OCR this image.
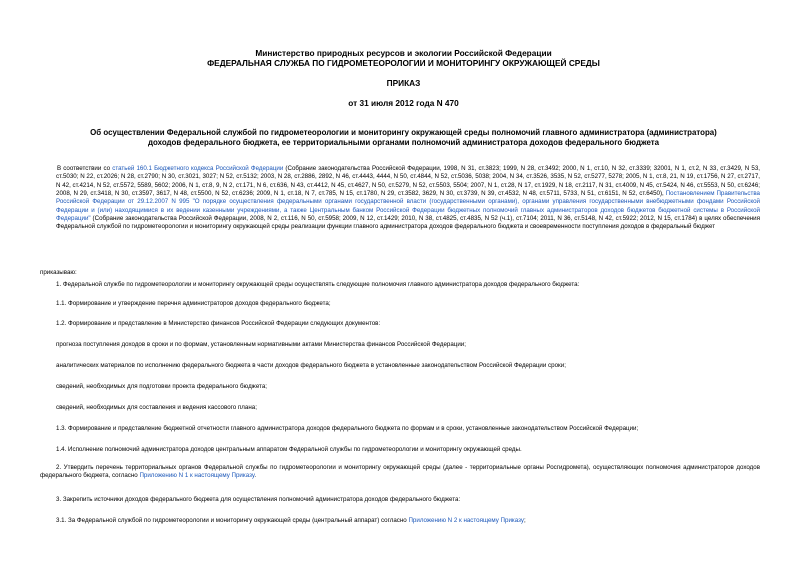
Министерство природных ресурсов и экологии Российской Федерации
ФЕДЕРАЛЬНАЯ СЛУЖБА ПО ГИДРОМЕТЕОРОЛОГИИ И МОНИТОРИНГУ ОКРУЖАЮЩЕЙ СРЕДЫ
ПРИКАЗ
от 31 июля 2012 года N 470
Об осуществлении Федеральной службой по гидрометеорологии и мониторингу окружающей среды полномочий главного администратора (администратора)
доходов федерального бюджета, ее территориальными органами полномочий администратора доходов федерального бюджета
В соответствии со статьей 160.1 Бюджетного кодекса Российской Федерации (Собрание законодательства Российской Федерации, 1998, N 31, ст.3823; 1999, N 28, ст.3492; 2000, N 1, ст.10, N 32, ст.3339; 32001, N 1, ст.2, N 33, ст.3429, N 53, ст.5030; N 22, ст.2026; N 28, ст.2790; N 30, ст.3021, 3027; N 52, ст.5132; 2003, N 28, ст.2886, 2892, N 46, ст.4443, 4444, N 50, ст.4844, N 52, ст.5036, 5038; 2004, N 34, ст.3526, 3535, N 52, ст.5277, 5278; 2005, N 1, ст.8, 21, N 19, ст.1756, N 27, ст.2717, N 42, ст.4214, N 52, ст.5572, 5589, 5602; 2006, N 1, ст.8, 9, N 2, ст.171, N 6, ст.636, N 43, ст.4412, N 45, ст.4627, N 50, ст.5279, N 52, ст.5503, 5504; 2007, N 1, ст.28, N 17, ст.1929, N 18, ст.2117, N 31, ст.4009, N 45, ст.5424, N 46, ст.5553, N 50, ст.6246; 2008, N 29, ст.3418, N 30, ст.3597, 3617, N 48, ст.5500, N 52, ст.6236; 2009, N 1, ст.18, N 7, ст.785, N 15, ст.1780, N 29, ст.3582, 3629, N 30, ст.3739, N 39, ст.4532, N 48, ст.5711, 5733, N 51, ст.6151, N 52, ст.6450), Постановлением Правительства Российской Федерации от 29.12.2007 N 995 "О порядке осуществления федеральными органами государственной власти (государственными органами), органами управления государственными внебюджетными фондами Российской Федерации и (или) находящимися в их ведении казенными учреждениями, а также Центральным банком Российской Федерации бюджетных полномочий главных администраторов доходов бюджетов бюджетной системы в Российской Федерации" (Собрание законодательства Российской Федерации, 2008, N 2, ст.116, N 50, ст.5958; 2009, N 12, ст.1429; 2010, N 38, ст.4825, ст.4835, N 52 (ч.1), ст.7104; 2011, N 36, ст.5148, N 42, ст.5922; 2012, N 15, ст.1784) в целях обеспечения Федеральной службой по гидрометеорологии и мониторингу окружающей среды реализации функции главного администратора доходов федерального бюджета и своевременности поступления доходов в федеральный бюджет
приказываю:
1. Федеральной службе по гидрометеорологии и мониторингу окружающей среды осуществлять следующие полномочия главного администратора доходов федерального бюджета:
1.1. Формирование и утверждение перечня администраторов доходов федерального бюджета;
1.2. Формирование и представление в Министерство финансов Российской Федерации следующих документов:
прогноза поступления доходов в сроки и по формам, установленным нормативными актами Министерства финансов Российской Федерации;
аналитических материалов по исполнению федерального бюджета в части доходов федерального бюджета в установленные законодательством Российской Федерации сроки;
сведений, необходимых для подготовки проекта федерального бюджета;
сведений, необходимых для составления и ведения кассового плана;
1.3. Формирование и представление бюджетной отчетности главного администратора доходов федерального бюджета по формам и в сроки, установленные законодательством Российской Федерации;
1.4. Исполнение полномочий администратора доходов центральным аппаратом Федеральной службы по гидрометеорологии и мониторингу окружающей среды.
2. Утвердить перечень территориальных органов Федеральной службы по гидрометеорологии и мониторингу окружающей среды (далее - территориальные органы Росгидромета), осуществляющих полномочия администраторов доходов федерального бюджета, согласно Приложению N 1 к настоящему Приказу.
3. Закрепить источники доходов федерального бюджета для осуществления полномочий администратора доходов федерального бюджета:
3.1. За Федеральной службой по гидрометеорологии и мониторингу окружающей среды (центральный аппарат) согласно Приложению N 2 к настоящему Приказу;
